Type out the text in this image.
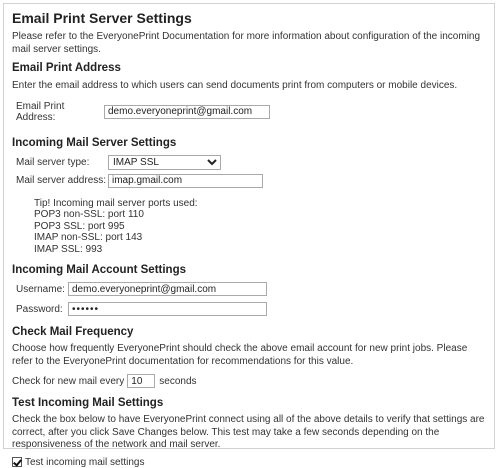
Email Print Server Settings

Please refer to the EveryonePrint Documentation for more information about configuration of the incoming mail server settings.

Email Print Address

Enter the email address to which users can send documents print from computers or mobile devices.

Email Print Address:
demo.everyoneprint@gmail.com
Incoming Mail Server Settings
Mail server type:
IMAP SSL
Mail server address:
imap.gmail.com
Tip! Incoming mail server ports used:
POP3 non-SSL: port 110
POP3 SSL: port 995
IMAP non-SSL: port 143
IMAP SSL: 993
Incoming Mail Account Settings
Username:
demo.everyoneprint@gmail.com
Password:
••••••
Check Mail Frequency

Choose how frequently EveryonePrint should check the above email account for new print jobs. Please refer to the EveryonePrint documentation for recommendations for this value.

Check for new mail every
10	seconds
Test Incoming Mail Settings

Check the box below to have EveryonePrint connect using all of the above details to verify that settings are correct, after you click Save Changes below. This test may take a few seconds depending on the responsiveness of the network and mail server.

Test incoming mail settings
